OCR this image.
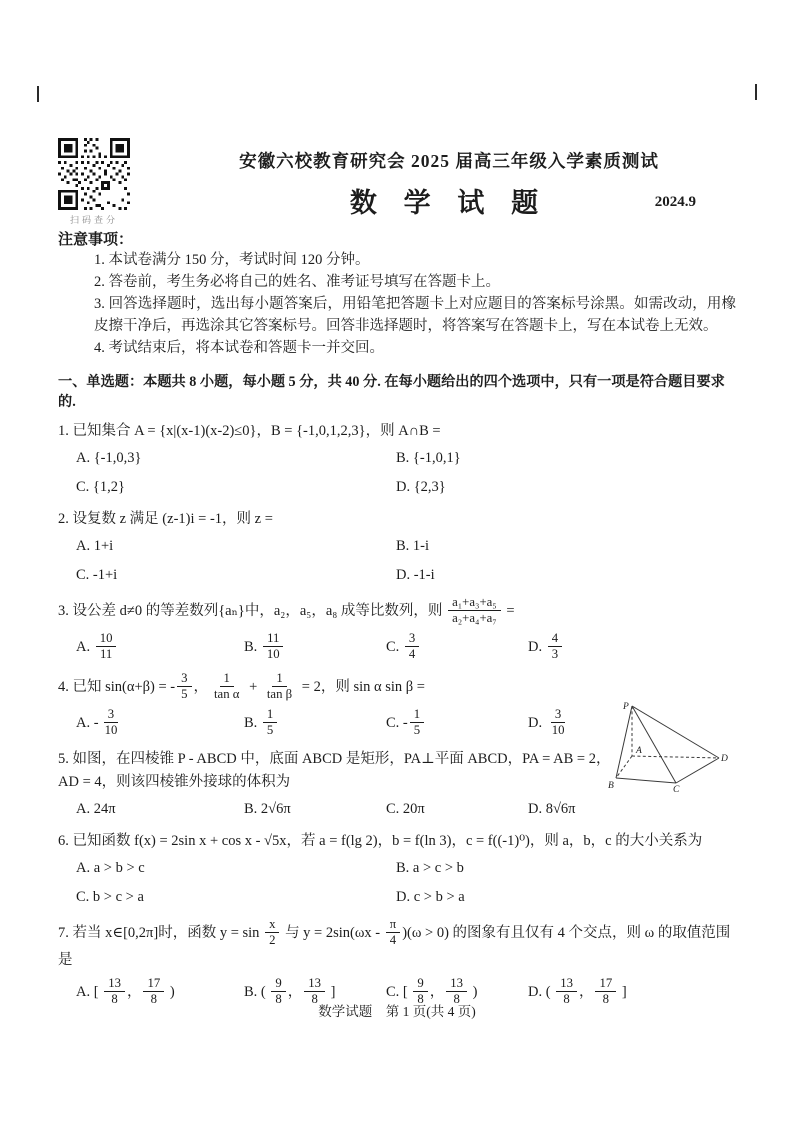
扫码查分
安徽六校教育研究会 2025 届高三年级入学素质测试
数 学 试 题	2024.9
注意事项：
1. 本试卷满分 150 分，考试时间 120 分钟。
2. 答卷前，考生务必将自己的姓名、准考证号填写在答题卡上。
3. 回答选择题时，选出每小题答案后，用铅笔把答题卡上对应题目的答案标号涂黑。如需改动，用橡皮擦干净后，再选涂其它答案标号。回答非选择题时，将答案写在答题卡上，写在本试卷上无效。
4. 考试结束后，将本试卷和答题卡一并交回。
一、单选题：本题共 8 小题，每小题 5 分，共 40 分. 在每小题给出的四个选项中，只有一项是符合题目要求的.
1. 已知集合 A = {x|(x-1)(x-2)≤0}，B = {-1,0,1,2,3}，则 A∩B =
A. {-1,0,3}	B. {-1,0,1}
C. {1,2}	D. {2,3}
2. 设复数 z 满足 (z-1)i = -1，则 z =
A. 1+i	B. 1-i
C. -1+i	D. -1-i
3. 设公差 d≠0 的等差数列{aₙ}中，a₂，a₅，a₈ 成等比数列，则 $\frac{\text{a₁+a₃+a₅}}{\text{a₂+a₄+a₇}}$ =
A. $\frac{10}{11}$	B. $\frac{11}{10}$	C. $\frac{3}{4}$	D. $\frac{4}{3}$
4. 已知 sin(α+β) = - $\frac{3}{5}$ ， $\frac{1}{\text{tan α}} + \frac{1}{\text{tan β}} = 2$，则 sin α sin β =
A. - $\frac{3}{10}$	B. $\frac{1}{5}$	C. - $\frac{1}{5}$	D. $\frac{3}{10}$
5. 如图，在四棱锥 P - ABCD 中，底面 ABCD 是矩形，PA⊥平面 ABCD，PA = AB = 2，AD = 4，则该四棱锥外接球的体积为
A. 24π	B. 2√6π	C. 20π	D. 8√6π
6. 已知函数 f(x) = 2sin x + cos x - √5x，若 a = f(lg 2)，b = f(ln 3)，c = f((-1)⁰)，则 a，b，c 的大小关系为
A. a > b > c	B. a > c > b
C. b > c > a	D. c > b > a
7. 若当 x∈[0,2π]时，函数 $y = \sin \frac{x}{2}$ 与 $y = 2\sin(\omega x - \frac{\pi}{4} )(\omega > 0)$ 的图象有且仅有 4 个交点，则 ω 的取值范围是
A. [ $\frac{13}{8}$ ， $\frac{17}{8}$ )	B. ( $\frac{9}{8}$ ， $\frac{13}{8}$ ]	C. [ $\frac{9}{8}$ ， $\frac{13}{8}$ )	D. ( $\frac{13}{8}$ ， $\frac{17}{8}$ ]
P
A
B	C
D
数学试题　第 1 页(共 4 页)
